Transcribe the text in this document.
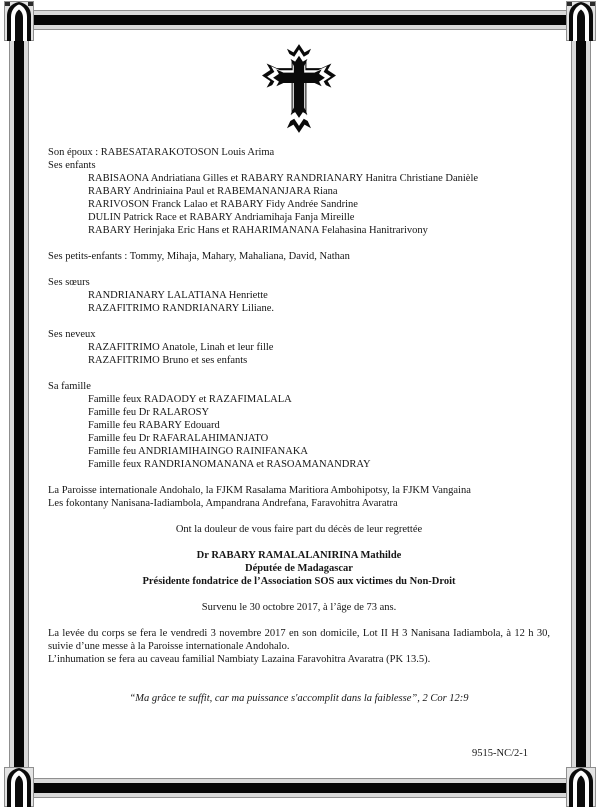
Son époux : RABESATARAKOTOSON Louis Arima

Ses enfants

RABISAONA Andriatiana Gilles et RABARY RANDRIANARY Hanitra Christiane Danièle

RABARY Andriniaina Paul et RABEMANANJARA Riana

RARIVOSON Franck Lalao et RABARY Fidy Andrée Sandrine

DULIN Patrick Race et RABARY Andriamihaja Fanja Mireille

RABARY Herinjaka Eric Hans et RAHARIMANANA Felahasina Hanitrarivony

Ses petits-enfants : Tommy, Mihaja, Mahary, Mahaliana, David, Nathan

Ses sœurs

RANDRIANARY LALATIANA Henriette

RAZAFITRIMO RANDRIANARY Liliane.

Ses neveux

RAZAFITRIMO Anatole, Linah et leur fille

RAZAFITRIMO Bruno et ses enfants

Sa famille

Famille feux RADAODY et RAZAFIMALALA

Famille feu Dr RALAROSY

Famille feu RABARY Edouard

Famille feu Dr RAFARALAHIMANJATO

Famille feu ANDRIAMIHAINGO RAINIFANAKA

Famille feux RANDRIANOMANANA et RASOAMANANDRAY

La Paroisse internationale Andohalo, la FJKM Rasalama Maritiora Ambohipotsy, la FJKM Vangaina

Les fokontany Nanisana-Iadiambola, Ampandrana Andrefana, Faravohitra Avaratra

Ont la douleur de vous faire part du décès de leur regrettée

Dr RABARY RAMALALANIRINA Mathilde

Députée de Madagascar

Présidente fondatrice de l’Association SOS aux victimes du Non-Droit

Survenu le 30 octobre 2017, à l’âge de 73 ans.

La levée du corps se fera le vendredi 3 novembre 2017 en son domicile, Lot II H 3 Nanisana Iadiambola, à 12 h 30, suivie d’une messe à la Paroisse internationale Andohalo.

L’inhumation se fera au caveau familial Nambiaty Lazaina Faravohitra Avaratra (PK 13.5).

“Ma grâce te suffit, car ma puissance s'accomplit dans la faiblesse”, 2 Cor 12:9

9515-NC/2-1
